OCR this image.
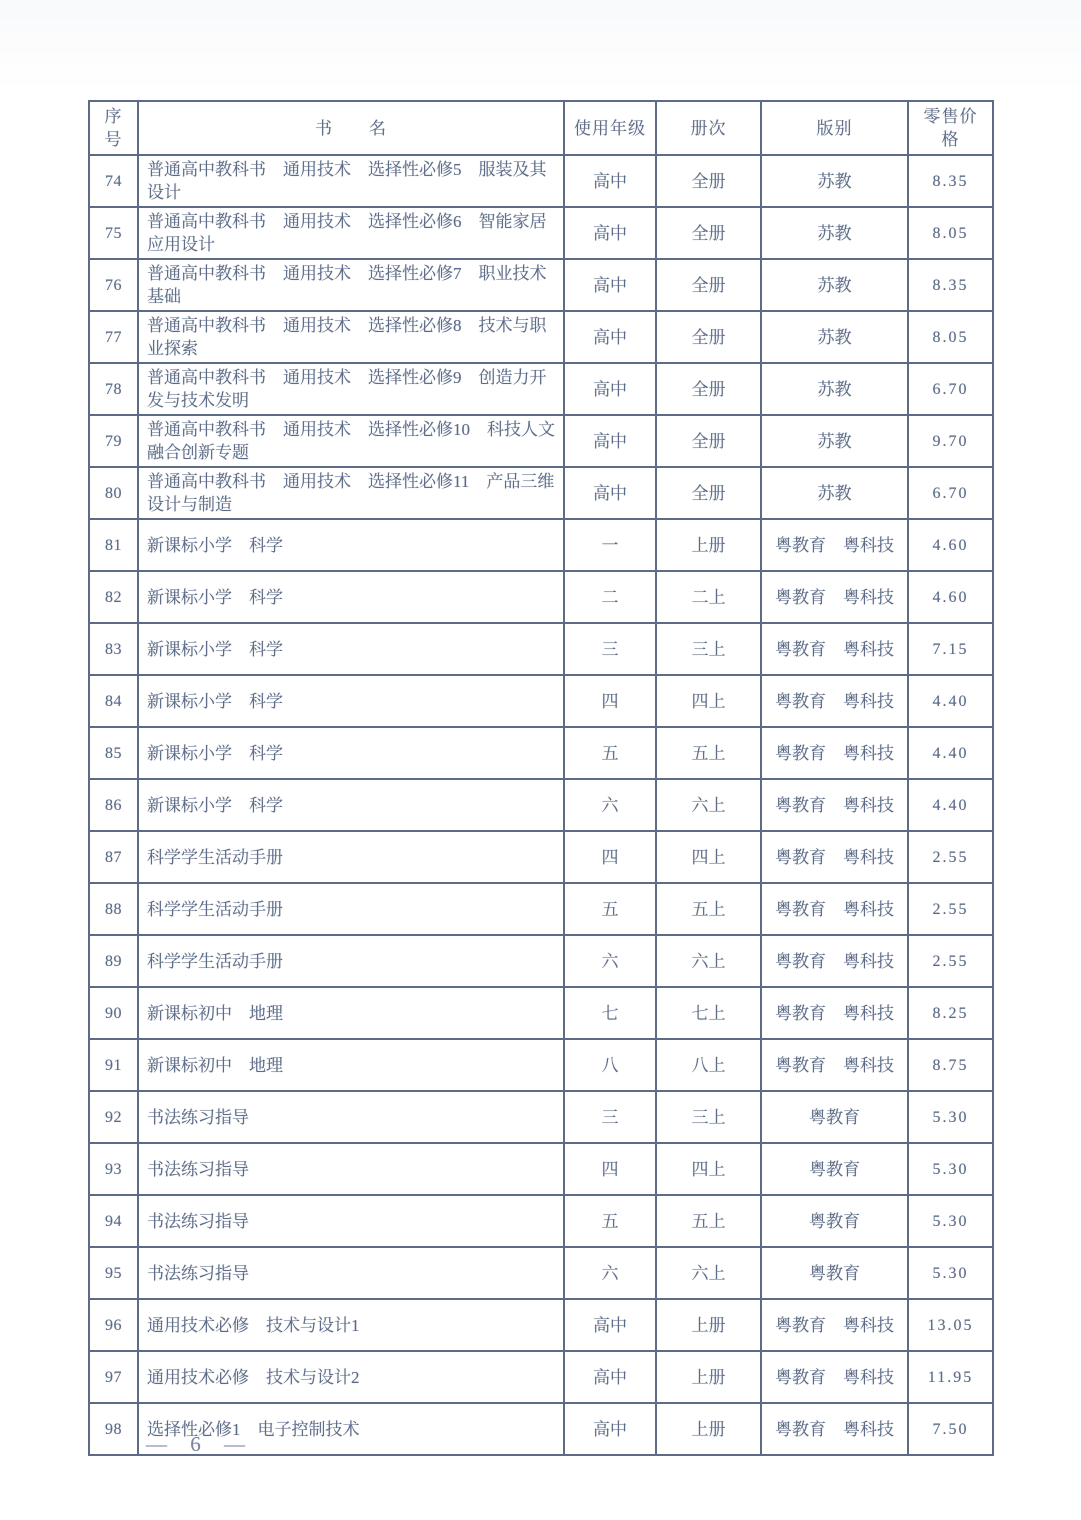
序号	书　　名	使用年级	册次	版别	零售价格
74	普通高中教科书　通用技术　选择性必修5　服装及其设计	高中	全册	苏教	8.35
75	普通高中教科书　通用技术　选择性必修6　智能家居应用设计	高中	全册	苏教	8.05
76	普通高中教科书　通用技术　选择性必修7　职业技术基础	高中	全册	苏教	8.35
77	普通高中教科书　通用技术　选择性必修8　技术与职业探索	高中	全册	苏教	8.05
78	普通高中教科书　通用技术　选择性必修9　创造力开发与技术发明	高中	全册	苏教	6.70
79	普通高中教科书　通用技术　选择性必修10　科技人文融合创新专题	高中	全册	苏教	9.70
80	普通高中教科书　通用技术　选择性必修11　产品三维设计与制造	高中	全册	苏教	6.70
81	新课标小学　科学	一	上册	粤教育　粤科技	4.60
82	新课标小学　科学	二	二上	粤教育　粤科技	4.60
83	新课标小学　科学	三	三上	粤教育　粤科技	7.15
84	新课标小学　科学	四	四上	粤教育　粤科技	4.40
85	新课标小学　科学	五	五上	粤教育　粤科技	4.40
86	新课标小学　科学	六	六上	粤教育　粤科技	4.40
87	科学学生活动手册	四	四上	粤教育　粤科技	2.55
88	科学学生活动手册	五	五上	粤教育　粤科技	2.55
89	科学学生活动手册	六	六上	粤教育　粤科技	2.55
90	新课标初中　地理	七	七上	粤教育　粤科技	8.25
91	新课标初中　地理	八	八上	粤教育　粤科技	8.75
92	书法练习指导	三	三上	粤教育	5.30
93	书法练习指导	四	四上	粤教育	5.30
94	书法练习指导	五	五上	粤教育	5.30
95	书法练习指导	六	六上	粤教育	5.30
96	通用技术必修　技术与设计1	高中	上册	粤教育　粤科技	13.05
97	通用技术必修　技术与设计2	高中	上册	粤教育　粤科技	11.95
98	选择性必修1　电子控制技术	高中	上册	粤教育　粤科技	7.50
— 6 —
